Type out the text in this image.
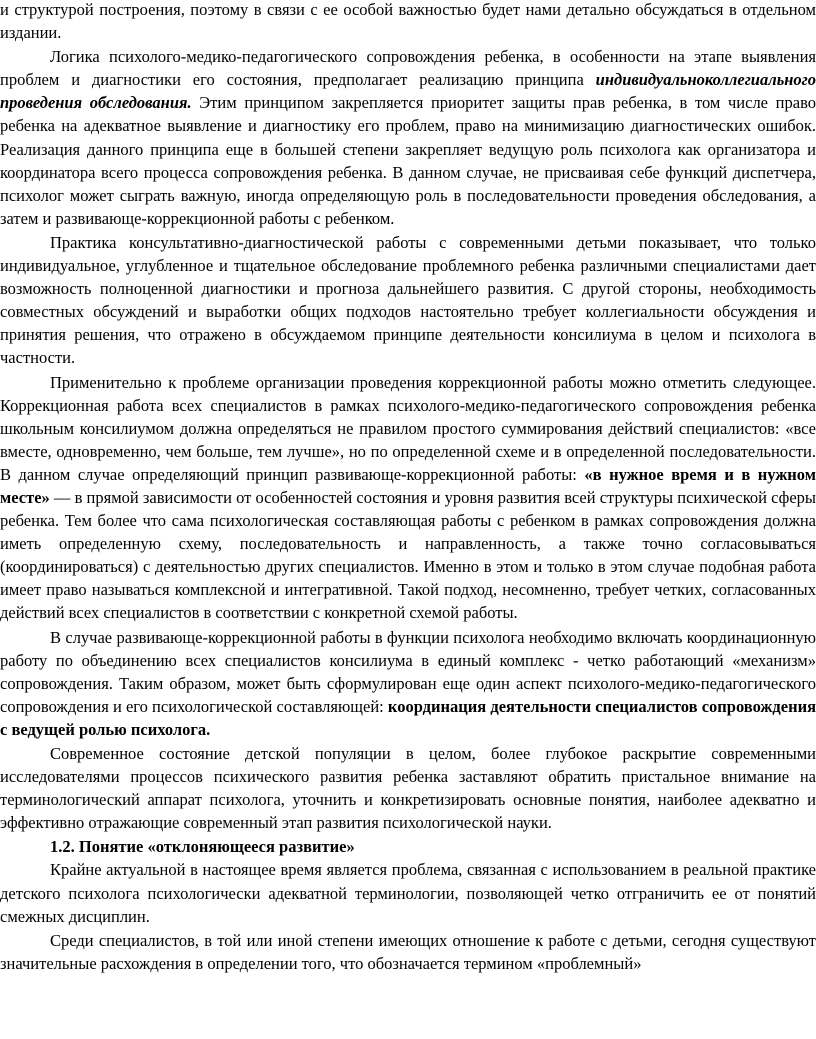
и структурой построения, поэтому в связи с ее особой важностью будет нами детально обсуждаться в отдельном издании.

Логика психолого-медико-педагогического сопровождения ребенка, в особенности на этапе выявления проблем и диагностики его состояния, предполагает реализацию принципа индивидуальноколлегиального проведения обследования. Этим принципом закрепляется приоритет защиты прав ребенка, в том числе право ребенка на адекватное выявление и диагностику его проблем, право на минимизацию диагностических ошибок. Реализация данного принципа еще в большей степени закрепляет ведущую роль психолога как организатора и координатора всего процесса сопровождения ребенка. В данном случае, не присваивая себе функций диспетчера, психолог может сыграть важную, иногда определяющую роль в последовательности проведения обследования, а затем и развивающе-коррекционной работы с ребенком.

Практика консультативно-диагностической работы с современными детьми показывает, что только индивидуальное, углубленное и тщательное обследование проблемного ребенка различными специалистами дает возможность полноценной диагностики и прогноза дальнейшего развития. С другой стороны, необходимость совместных обсуждений и выработки общих подходов настоятельно требует коллегиальности обсуждения и принятия решения, что отражено в обсуждаемом принципе деятельности консилиума в целом и психолога в частности.

Применительно к проблеме организации проведения коррекционной работы можно отметить следующее. Коррекционная работа всех специалистов в рамках психолого-медико-педагогического сопровождения ребенка школьным консилиумом должна определяться не правилом простого суммирования действий специалистов: «все вместе, одновременно, чем больше, тем лучше», но по определенной схеме и в определенной последовательности. В данном случае определяющий принцип развивающе-коррекционной работы: «в нужное время и в нужном месте» — в прямой зависимости от особенностей состояния и уровня развития всей структуры психической сферы ребенка. Тем более что сама психологическая составляющая работы с ребенком в рамках сопровождения должна иметь определенную схему, последовательность и направленность, а также точно согласовываться (координироваться) с деятельностью других специалистов. Именно в этом и только в этом случае подобная работа имеет право называться комплексной и интегративной. Такой подход, несомненно, требует четких, согласованных действий всех специалистов в соответствии с конкретной схемой работы.

В случае развивающе-коррекционной работы в функции психолога необходимо включать координационную работу по объединению всех специалистов консилиума в единый комплекс - четко работающий «механизм» сопровождения. Таким образом, может быть сформулирован еще один аспект психолого-медико-педагогического сопровождения и его психологической составляющей: координация деятельности специалистов сопровождения с ведущей ролью психолога.

Современное состояние детской популяции в целом, более глубокое раскрытие современными исследователями процессов психического развития ребенка заставляют обратить пристальное внимание на терминологический аппарат психолога, уточнить и конкретизировать основные понятия, наиболее адекватно и эффективно отражающие современный этап развития психологической науки.

1.2. Понятие «отклоняющееся развитие»

Крайне актуальной в настоящее время является проблема, связанная с использованием в реальной практике детского психолога психологически адекватной терминологии, позволяющей четко отграничить ее от понятий смежных дисциплин.

Среди специалистов, в той или иной степени имеющих отношение к работе с детьми, сегодня существуют значительные расхождения в определении того, что обозначается термином «проблемный»
